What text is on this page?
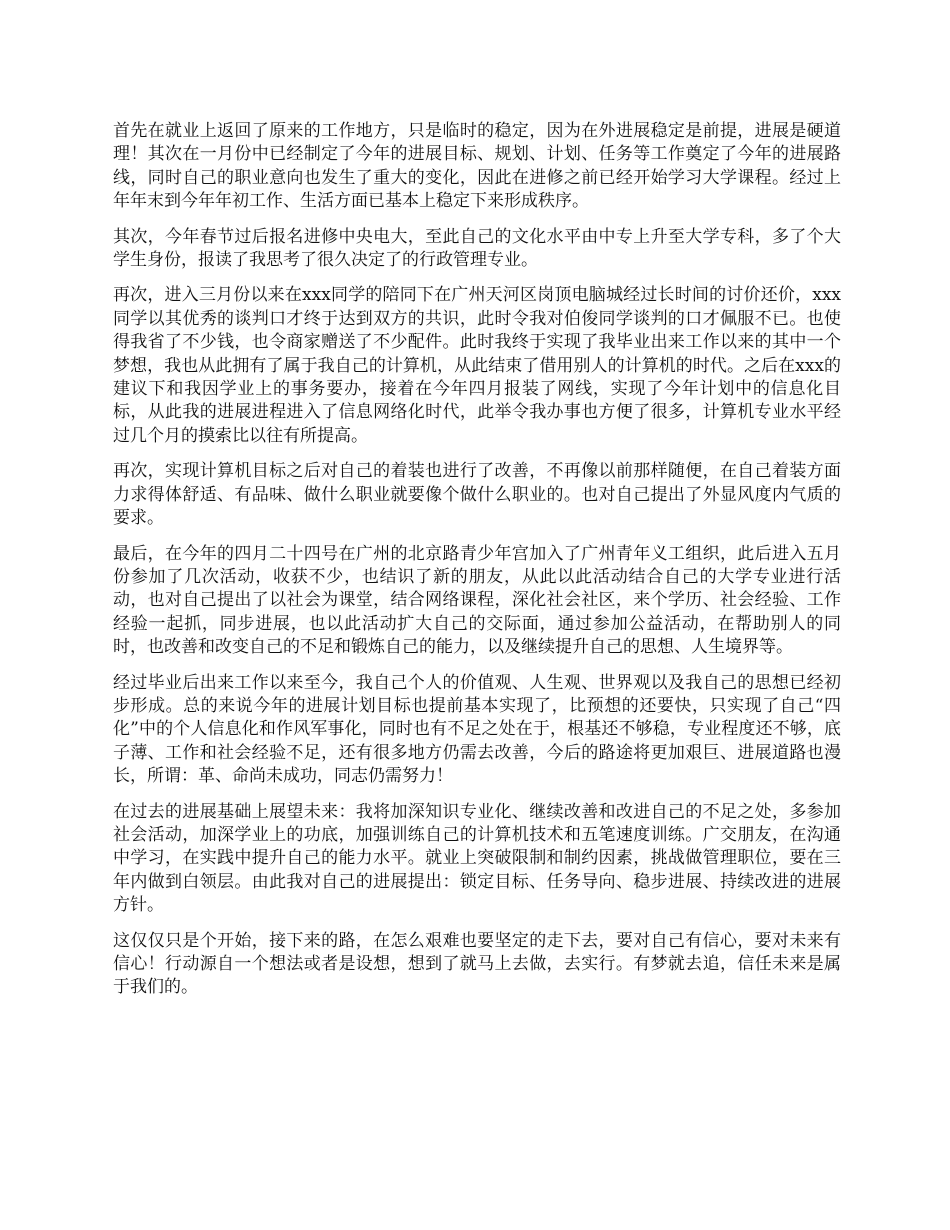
首先在就业上返回了原来的工作地方，只是临时的稳定，因为在外进展稳定是前提，进展是硬道理！其次在一月份中已经制定了今年的进展目标、规划、计划、任务等工作奠定了今年的进展路线，同时自己的职业意向也发生了重大的变化，因此在进修之前已经开始学习大学课程。经过上年年末到今年年初工作、生活方面已基本上稳定下来形成秩序。

其次，今年春节过后报名进修中央电大，至此自己的文化水平由中专上升至大学专科，多了个大学生身份，报读了我思考了很久决定了的行政管理专业。

再次，进入三月份以来在xxx同学的陪同下在广州天河区岗顶电脑城经过长时间的讨价还价，xxx同学以其优秀的谈判口才终于达到双方的共识，此时令我对伯俊同学谈判的口才佩服不已。也使得我省了不少钱，也令商家赠送了不少配件。此时我终于实现了我毕业出来工作以来的其中一个梦想，我也从此拥有了属于我自己的计算机，从此结束了借用别人的计算机的时代。之后在xxx的建议下和我因学业上的事务要办，接着在今年四月报装了网线，实现了今年计划中的信息化目标，从此我的进展进程进入了信息网络化时代，此举令我办事也方便了很多，计算机专业水平经过几个月的摸索比以往有所提高。

再次，实现计算机目标之后对自己的着装也进行了改善，不再像以前那样随便，在自己着装方面力求得体舒适、有品味、做什么职业就要像个做什么职业的。也对自己提出了外显风度内气质的要求。

最后，在今年的四月二十四号在广州的北京路青少年宫加入了广州青年义工组织，此后进入五月份参加了几次活动，收获不少，也结识了新的朋友，从此以此活动结合自己的大学专业进行活动，也对自己提出了以社会为课堂，结合网络课程，深化社会社区，来个学历、社会经验、工作经验一起抓，同步进展，也以此活动扩大自己的交际面，通过参加公益活动，在帮助别人的同时，也改善和改变自己的不足和锻炼自己的能力，以及继续提升自己的思想、人生境界等。

经过毕业后出来工作以来至今，我自己个人的价值观、人生观、世界观以及我自己的思想已经初步形成。总的来说今年的进展计划目标也提前基本实现了，比预想的还要快，只实现了自己“四化”中的个人信息化和作风军事化，同时也有不足之处在于，根基还不够稳，专业程度还不够，底子薄、工作和社会经验不足，还有很多地方仍需去改善，今后的路途将更加艰巨、进展道路也漫长，所谓：革、命尚未成功，同志仍需努力！

在过去的进展基础上展望未来：我将加深知识专业化、继续改善和改进自己的不足之处，多参加社会活动，加深学业上的功底，加强训练自己的计算机技术和五笔速度训练。广交朋友，在沟通中学习，在实践中提升自己的能力水平。就业上突破限制和制约因素，挑战做管理职位，要在三年内做到白领层。由此我对自己的进展提出：锁定目标、任务导向、稳步进展、持续改进的进展方针。

这仅仅只是个开始，接下来的路，在怎么艰难也要坚定的走下去，要对自己有信心，要对未来有信心！行动源自一个想法或者是设想，想到了就马上去做，去实行。有梦就去追，信任未来是属于我们的。
